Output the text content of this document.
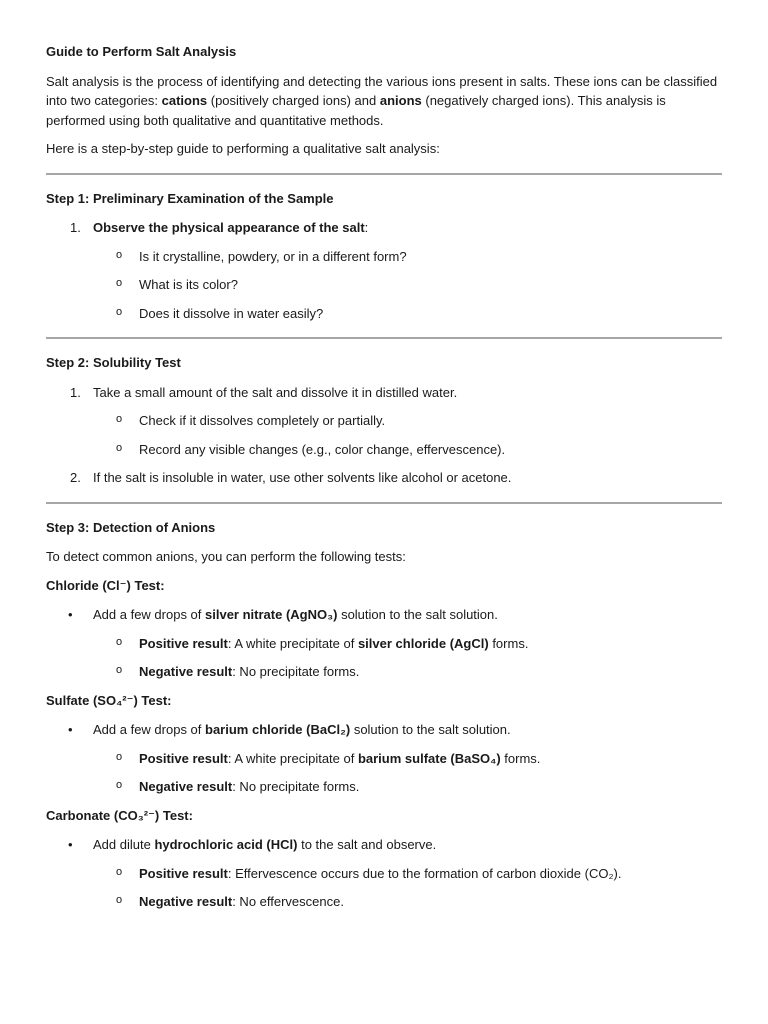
Guide to Perform Salt Analysis

Salt analysis is the process of identifying and detecting the various ions present in salts. These ions can be classified into two categories: cations (positively charged ions) and anions (negatively charged ions). This analysis is performed using both qualitative and quantitative methods.

Here is a step-by-step guide to performing a qualitative salt analysis:

Step 1: Preliminary Examination of the Sample

1. Observe the physical appearance of the salt:
o Is it crystalline, powdery, or in a different form?
o What is its color?
o Does it dissolve in water easily?

Step 2: Solubility Test

1. Take a small amount of the salt and dissolve it in distilled water.
o Check if it dissolves completely or partially.
o Record any visible changes (e.g., color change, effervescence).
2. If the salt is insoluble in water, use other solvents like alcohol or acetone.

Step 3: Detection of Anions

To detect common anions, you can perform the following tests:

Chloride (Cl⁻) Test:

• Add a few drops of silver nitrate (AgNO₃) solution to the salt solution.
o Positive result: A white precipitate of silver chloride (AgCl) forms.
o Negative result: No precipitate forms.

Sulfate (SO₄²⁻) Test:

• Add a few drops of barium chloride (BaCl₂) solution to the salt solution.
o Positive result: A white precipitate of barium sulfate (BaSO₄) forms.
o Negative result: No precipitate forms.

Carbonate (CO₃²⁻) Test:

• Add dilute hydrochloric acid (HCl) to the salt and observe.
o Positive result: Effervescence occurs due to the formation of carbon dioxide (CO₂).
o Negative result: No effervescence.
